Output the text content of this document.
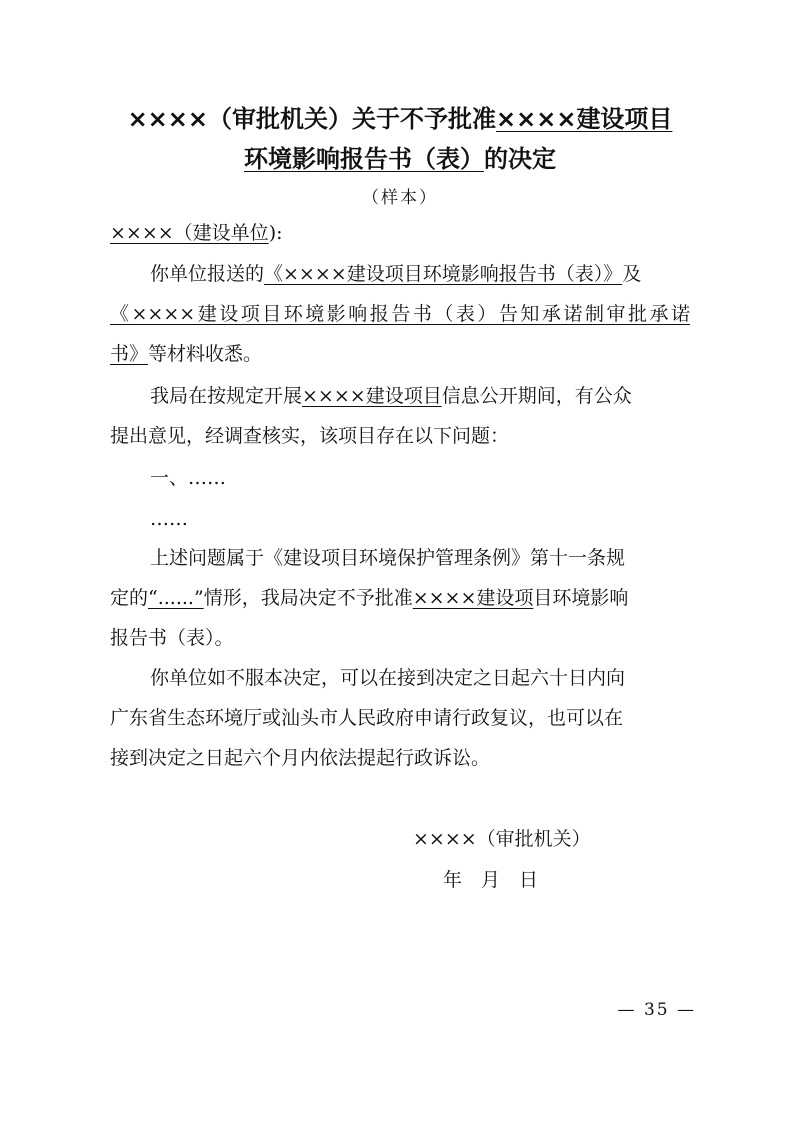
××××（审批机关）关于不予批准××××建设项目
环境影响报告书（表）的决定
（样本）
××××（建设单位):
你单位报送的《××××建设项目环境影响报告书（表）》及
《××××建设项目环境影响报告书（表）告知承诺制审批承诺
书》等材料收悉。
我局在按规定开展××××建设项目信息公开期间，有公众
提出意见，经调查核实，该项目存在以下问题：
一、……
……
上述问题属于《建设项目环境保护管理条例》第十一条规
定的“......”情形，我局决定不予批准××××建设项目环境影响
报告书（表）。
你单位如不服本决定，可以在接到决定之日起六十日内向
广东省生态环境厅或汕头市人民政府申请行政复议，也可以在
接到决定之日起六个月内依法提起行政诉讼。
××××（审批机关）
年　月　日
— 35 —
